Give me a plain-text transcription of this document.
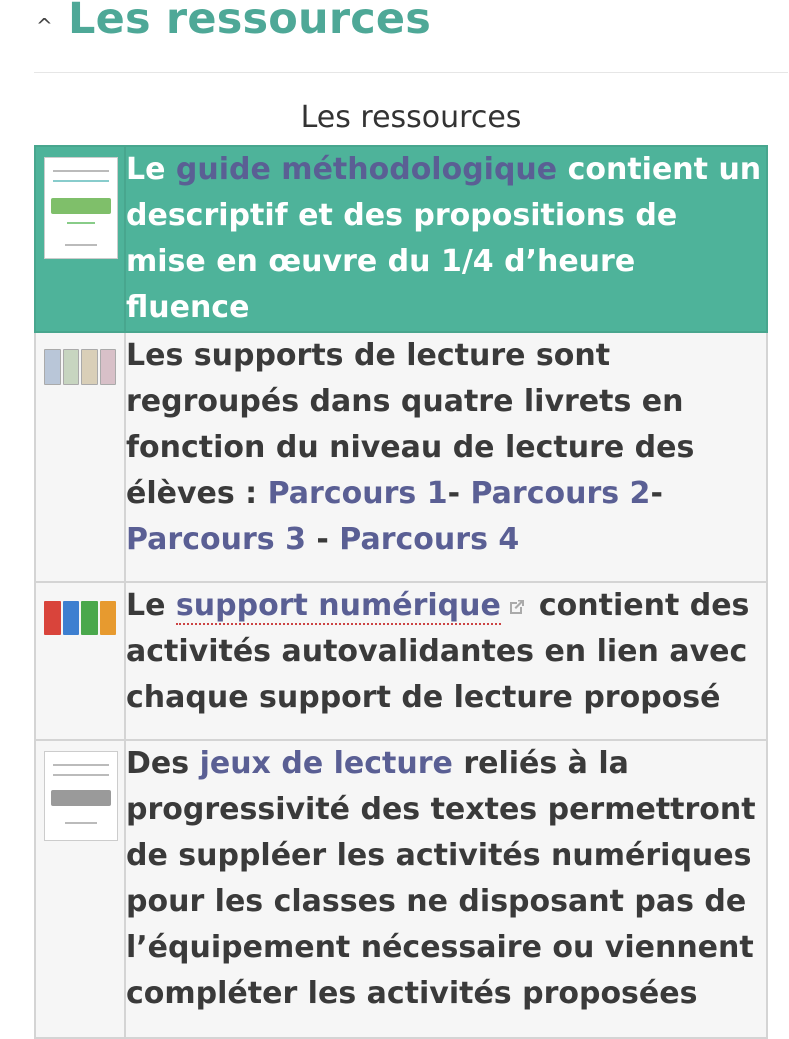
^ Les ressources
Les ressources
	Le guide méthodologique contient un descriptif et des propositions de mise en œuvre du 1/4 d’heure fluence

	Les supports de lecture sont regroupés dans quatre livrets en fonction du niveau de lecture des élèves : Parcours 1- Parcours 2-
Parcours 3 - Parcours 4

	Le support numérique contient des activités autovalidantes en lien avec chaque support de lecture proposé

	Des jeux de lecture reliés à la progressivité des textes permettront de suppléer les activités numériques pour les classes ne disposant pas de l’équipement nécessaire ou viennent compléter les activités proposées
